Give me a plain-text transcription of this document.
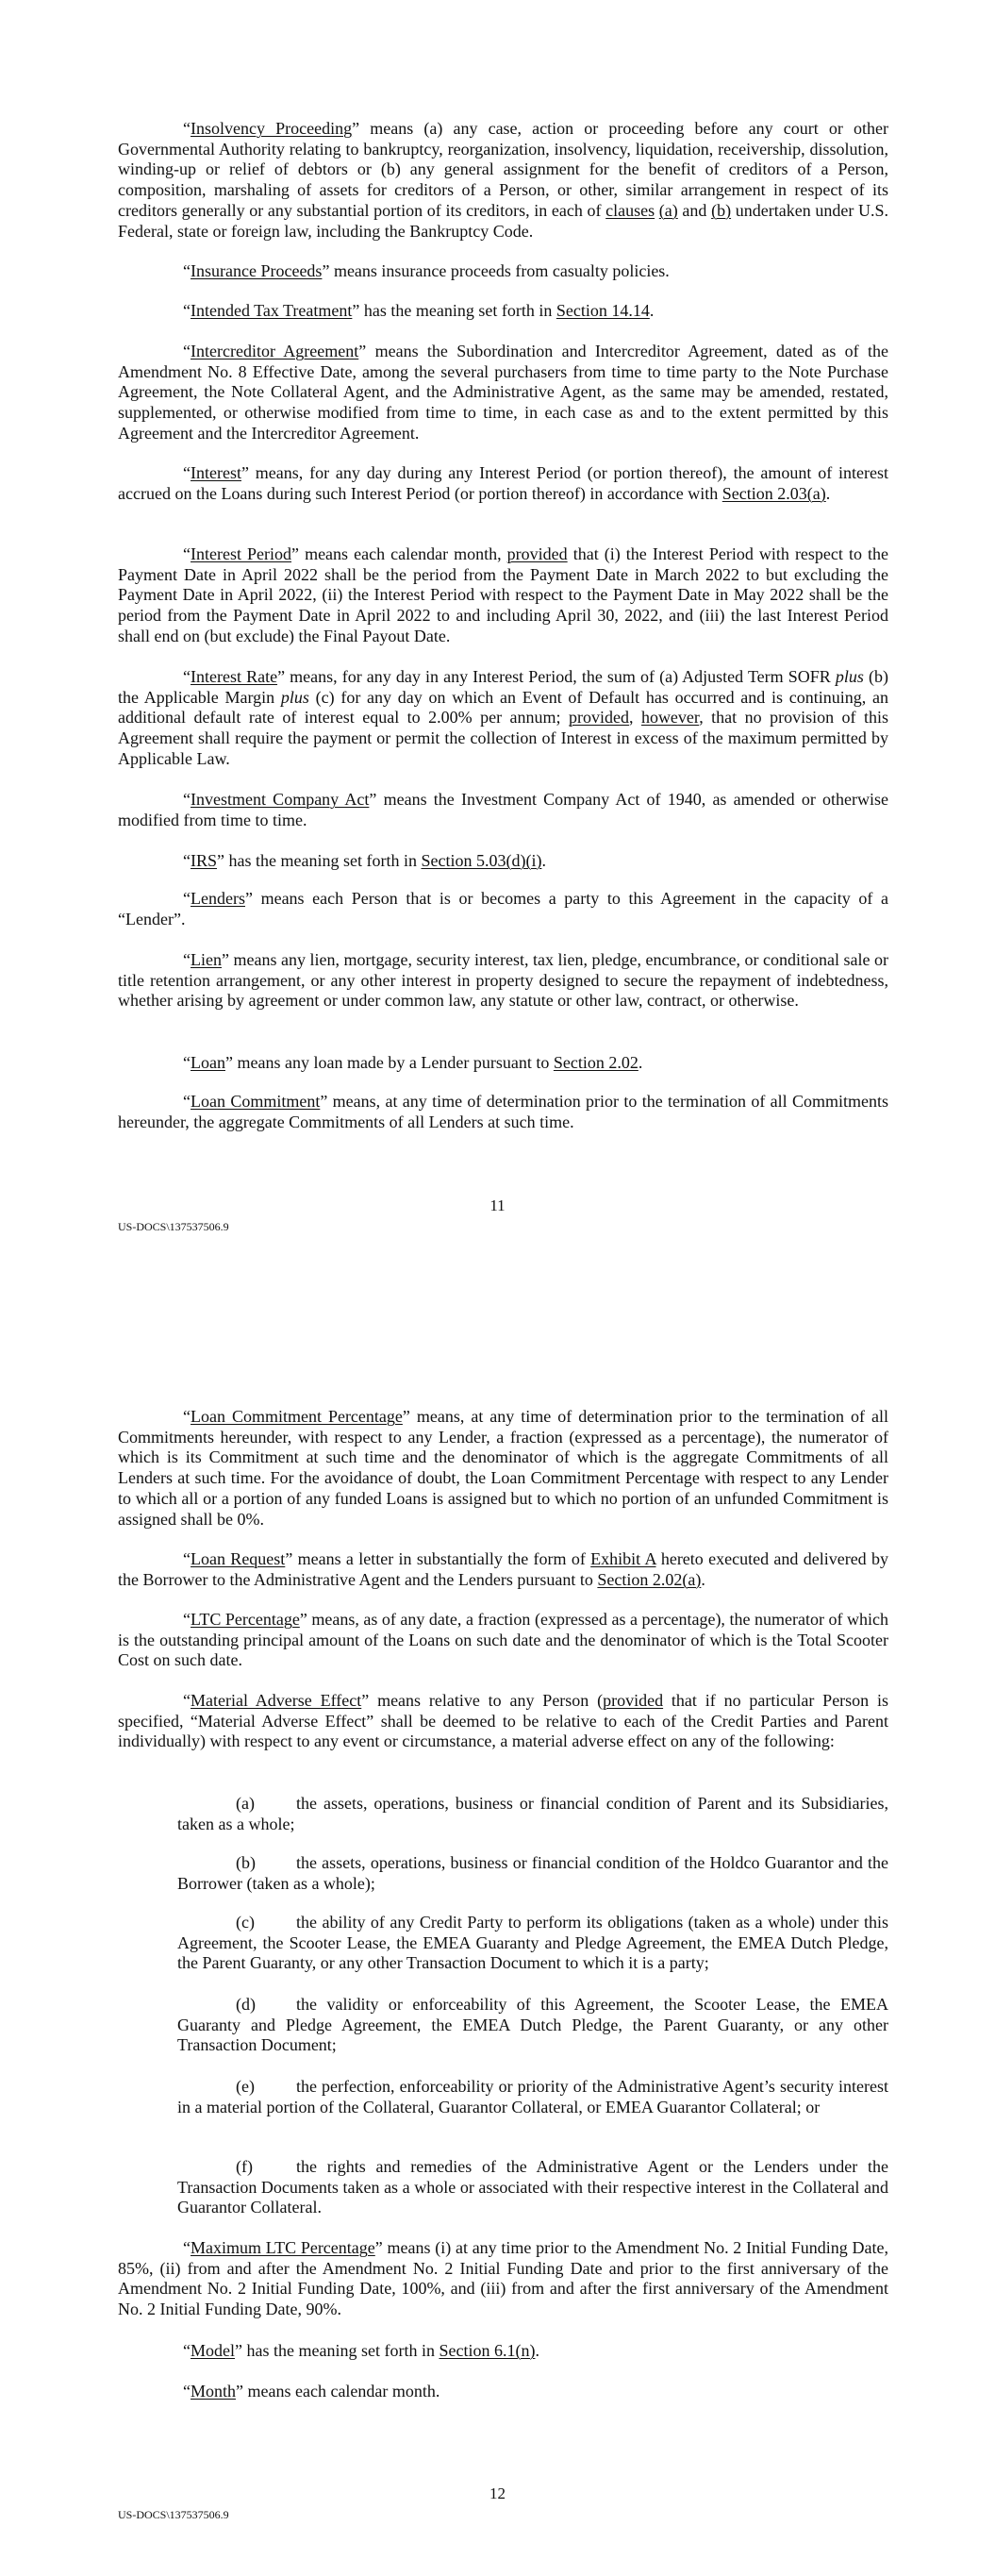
“Insolvency Proceeding” means (a) any case, action or proceeding before any court or other Governmental Authority relating to bankruptcy, reorganization, insolvency, liquidation, receivership, dissolution, winding-up or relief of debtors or (b) any general assignment for the benefit of creditors of a Person, composition, marshaling of assets for creditors of a Person, or other, similar arrangement in respect of its creditors generally or any substantial portion of its creditors, in each of clauses (a) and (b) undertaken under U.S. Federal, state or foreign law, including the Bankruptcy Code.

“Insurance Proceeds” means insurance proceeds from casualty policies.

“Intended Tax Treatment” has the meaning set forth in Section 14.14.

“Intercreditor Agreement” means the Subordination and Intercreditor Agreement, dated as of the Amendment No. 8 Effective Date, among the several purchasers from time to time party to the Note Purchase Agreement, the Note Collateral Agent, and the Administrative Agent, as the same may be amended, restated, supplemented, or otherwise modified from time to time, in each case as and to the extent permitted by this Agreement and the Intercreditor Agreement.

“Interest” means, for any day during any Interest Period (or portion thereof), the amount of interest accrued on the Loans during such Interest Period (or portion thereof) in accordance with Section 2.03(a).

“Interest Period” means each calendar month, provided that (i) the Interest Period with respect to the Payment Date in April 2022 shall be the period from the Payment Date in March 2022 to but excluding the Payment Date in April 2022, (ii) the Interest Period with respect to the Payment Date in May 2022 shall be the period from the Payment Date in April 2022 to and including April 30, 2022, and (iii) the last Interest Period shall end on (but exclude) the Final Payout Date.

“Interest Rate” means, for any day in any Interest Period, the sum of (a) Adjusted Term SOFR plus (b) the Applicable Margin plus (c) for any day on which an Event of Default has occurred and is continuing, an additional default rate of interest equal to 2.00% per annum; provided, however, that no provision of this Agreement shall require the payment or permit the collection of Interest in excess of the maximum permitted by Applicable Law.

“Investment Company Act” means the Investment Company Act of 1940, as amended or otherwise modified from time to time.

“IRS” has the meaning set forth in Section 5.03(d)(i).

“Lenders” means each Person that is or becomes a party to this Agreement in the capacity of a “Lender”.

“Lien” means any lien, mortgage, security interest, tax lien, pledge, encumbrance, or conditional sale or title retention arrangement, or any other interest in property designed to secure the repayment of indebtedness, whether arising by agreement or under common law, any statute or other law, contract, or otherwise.

“Loan” means any loan made by a Lender pursuant to Section 2.02.

“Loan Commitment” means, at any time of determination prior to the termination of all Commitments hereunder, the aggregate Commitments of all Lenders at such time.

“Loan Commitment Percentage” means, at any time of determination prior to the termination of all Commitments hereunder, with respect to any Lender, a fraction (expressed as a percentage), the numerator of which is its Commitment at such time and the denominator of which is the aggregate Commitments of all Lenders at such time. For the avoidance of doubt, the Loan Commitment Percentage with respect to any Lender to which all or a portion of any funded Loans is assigned but to which no portion of an unfunded Commitment is assigned shall be 0%.

“Loan Request” means a letter in substantially the form of Exhibit A hereto executed and delivered by the Borrower to the Administrative Agent and the Lenders pursuant to Section 2.02(a).

“LTC Percentage” means, as of any date, a fraction (expressed as a percentage), the numerator of which is the outstanding principal amount of the Loans on such date and the denominator of which is the Total Scooter Cost on such date.

“Material Adverse Effect” means relative to any Person (provided that if no particular Person is specified, “Material Adverse Effect” shall be deemed to be relative to each of the Credit Parties and Parent individually) with respect to any event or circumstance, a material adverse effect on any of the following:

(a) the assets, operations, business or financial condition of Parent and its Subsidiaries, taken as a whole;

(b) the assets, operations, business or financial condition of the Holdco Guarantor and the Borrower (taken as a whole);

(c) the ability of any Credit Party to perform its obligations (taken as a whole) under this Agreement, the Scooter Lease, the EMEA Guaranty and Pledge Agreement, the EMEA Dutch Pledge, the Parent Guaranty, or any other Transaction Document to which it is a party;

(d) the validity or enforceability of this Agreement, the Scooter Lease, the EMEA Guaranty and Pledge Agreement, the EMEA Dutch Pledge, the Parent Guaranty, or any other Transaction Document;

(e) the perfection, enforceability or priority of the Administrative Agent’s security interest in a material portion of the Collateral, Guarantor Collateral, or EMEA Guarantor Collateral; or

(f)	the rights and remedies of the Administrative Agent or the Lenders under the Transaction Documents taken as a whole or associated with their respective interest in the Collateral and Guarantor Collateral.

“Maximum LTC Percentage” means (i) at any time prior to the Amendment No. 2 Initial Funding Date, 85%, (ii) from and after the Amendment No. 2 Initial Funding Date and prior to the first anniversary of the Amendment No. 2 Initial Funding Date, 100%, and (iii) from and after the first anniversary of the Amendment No. 2 Initial Funding Date, 90%.

“Model” has the meaning set forth in Section 6.1(n).

“Month” means each calendar month.

11
US-DOCS\137537506.9
12
US-DOCS\137537506.9
